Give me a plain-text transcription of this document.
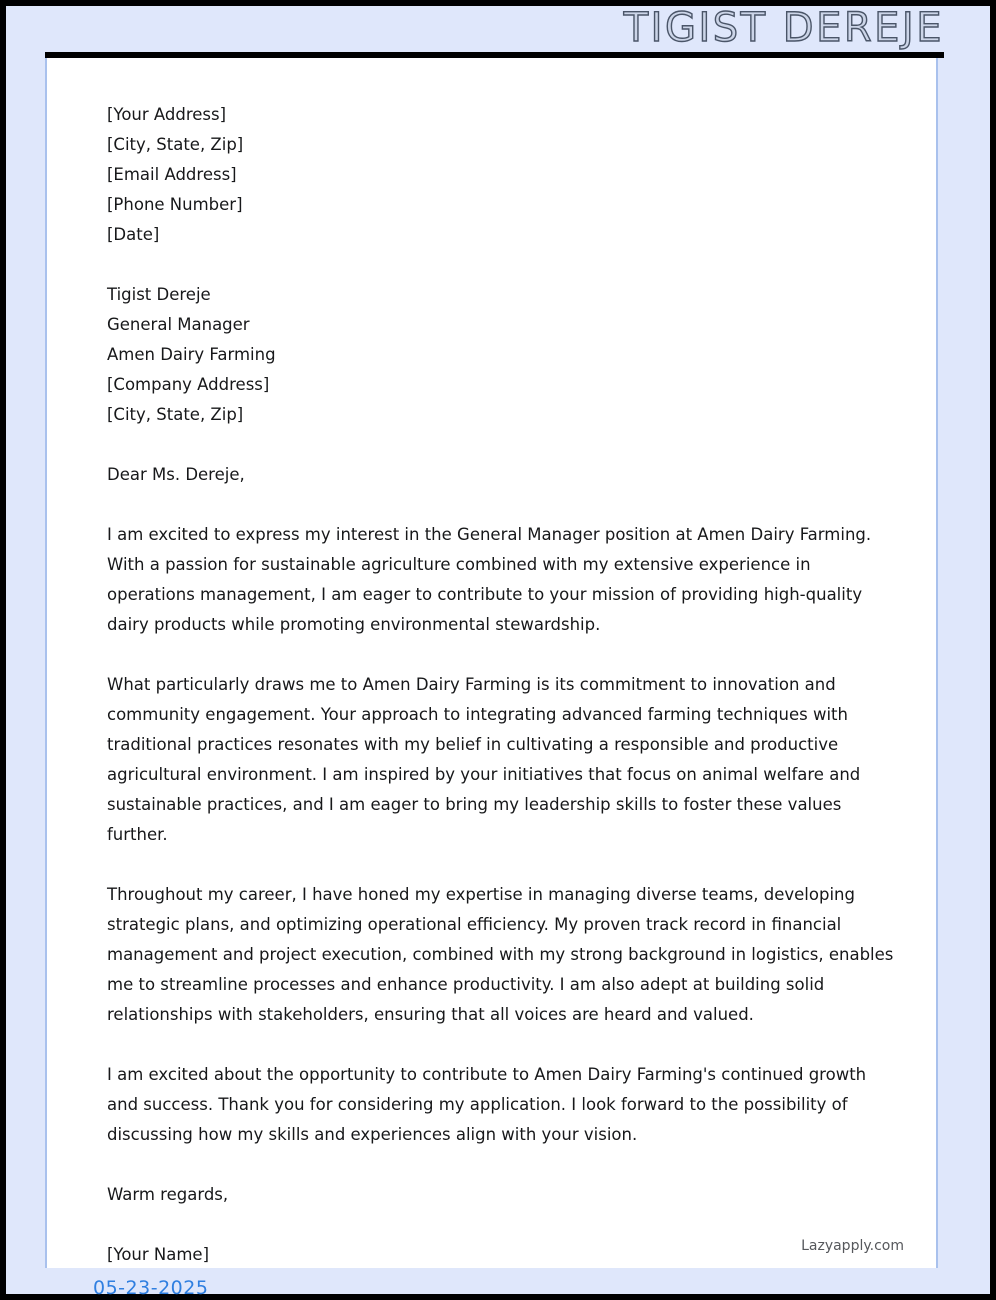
TIGIST DEREJE
[Your Address]
[City, State, Zip]
[Email Address]
[Phone Number]
[Date]
Tigist Dereje
General Manager
Amen Dairy Farming
[Company Address]
[City, State, Zip]

Dear Ms. Dereje,

I am excited to express my interest in the General Manager position at Amen Dairy Farming. With a passion for sustainable agriculture combined with my extensive experience in operations management, I am eager to contribute to your mission of providing high-quality dairy products while promoting environmental stewardship.

What particularly draws me to Amen Dairy Farming is its commitment to innovation and community engagement. Your approach to integrating advanced farming techniques with traditional practices resonates with my belief in cultivating a responsible and productive agricultural environment. I am inspired by your initiatives that focus on animal welfare and sustainable practices, and I am eager to bring my leadership skills to foster these values further.

Throughout my career, I have honed my expertise in managing diverse teams, developing strategic plans, and optimizing operational efficiency. My proven track record in financial management and project execution, combined with my strong background in logistics, enables me to streamline processes and enhance productivity. I am also adept at building solid relationships with stakeholders, ensuring that all voices are heard and valued.

I am excited about the opportunity to contribute to Amen Dairy Farming's continued growth and success. Thank you for considering my application. I look forward to the possibility of discussing how my skills and experiences align with your vision.

Warm regards,

[Your Name]	Lazyapply.com
05-23-2025
